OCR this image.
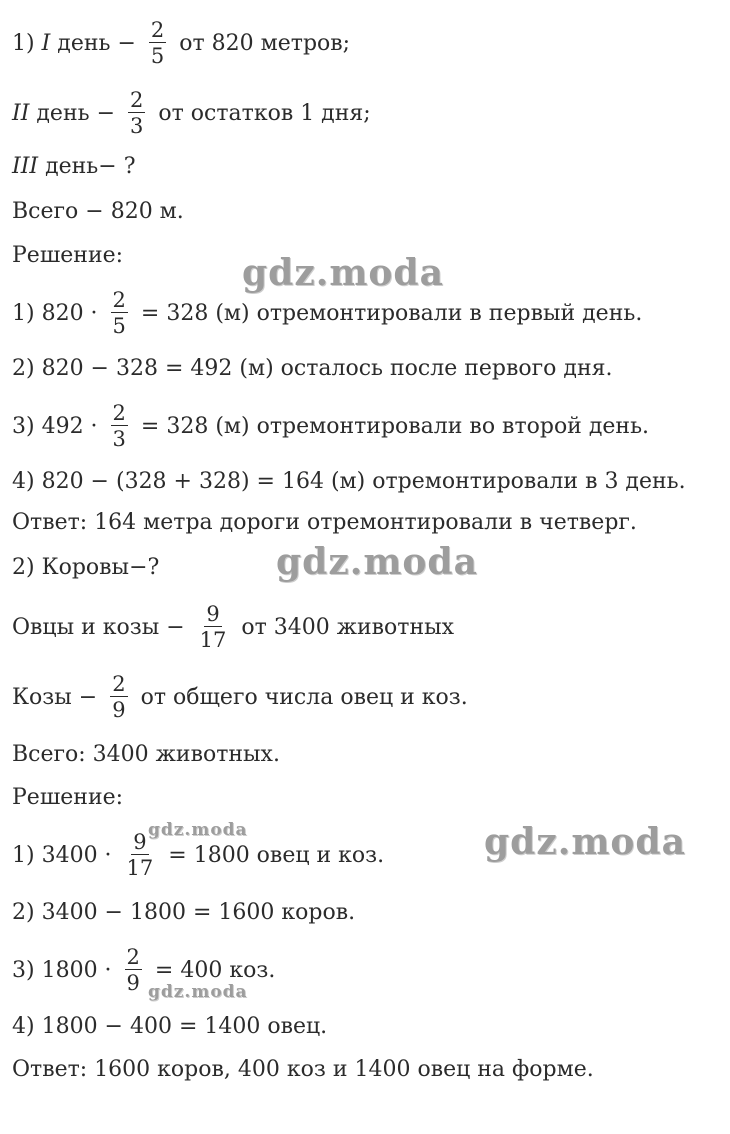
1) I день − $\frac{2}{5}$ от 820 метров;
II день − $\frac{2}{3}$ от остатков 1 дня;
III день− ?
Всего − 820 м.
Решение:
1) $820 \cdot \frac{2}{5} = 328$ (м) отремонтировали в первый день.
2) 820 − 328 = 492 (м) осталось после первого дня.
3) $492 \cdot \frac{2}{3} = 328$ (м) отремонтировали во второй день.
4) 820 − (328 + 328) = 164 (м) отремонтировали в 3 день.
Ответ: 164 метра дороги отремонтировали в четверг.
2) Коровы−?
Овцы и козы − $\frac{9}{17}$ от 3400 животных
Козы − $\frac{2}{9}$ от общего числа овец и коз.
Всего: 3400 животных.
Решение:
1) $3400 \cdot \frac{9}{17} = 1800$ овец и коз.
2) 3400 − 1800 = 1600 коров.
3) $1800 \cdot \frac{2}{9} = 400$ коз.
4) 1800 − 400 = 1400 овец.
Ответ: 1600 коров, 400 коз и 1400 овец на форме.
gdz.moda
gdz.moda
gdz.moda
gdz.moda
gdz.moda
